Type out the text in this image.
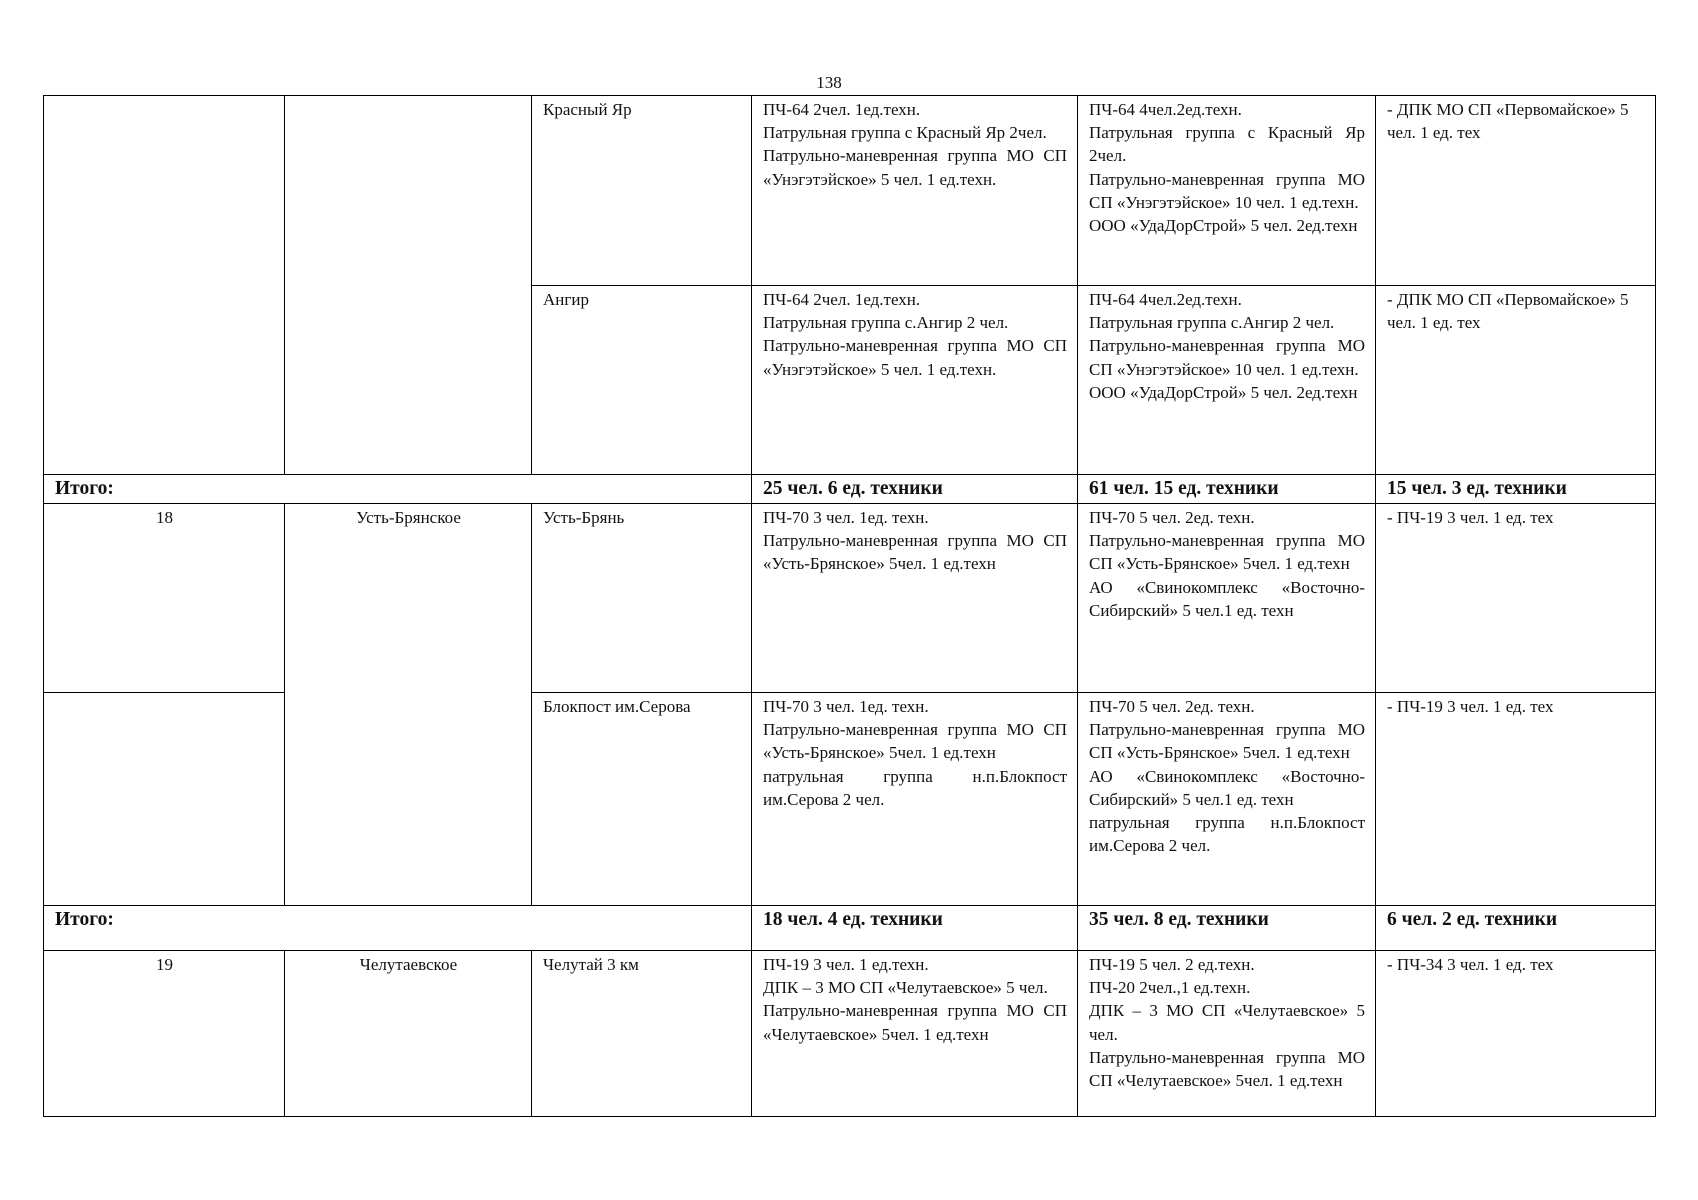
138
		Красный Яр	ПЧ-64 2чел. 1ед.техн.
Патрульная группа с Красный Яр 2чел.
Патрульно-маневренная группа МО СП «Унэгэтэйское» 5 чел. 1 ед.техн.	ПЧ-64 4чел.2ед.техн.
Патрульная группа с Красный Яр 2чел.
Патрульно-маневренная группа МО СП «Унэгэтэйское» 10 чел. 1 ед.техн.
ООО «УдаДорСтрой» 5 чел. 2ед.техн	- ДПК МО СП «Первомайское» 5 чел. 1 ед. тех

		Ангир	ПЧ-64 2чел. 1ед.техн.
Патрульная группа с.Ангир 2 чел.
Патрульно-маневренная группа МО СП «Унэгэтэйское» 5 чел. 1 ед.техн.	ПЧ-64 4чел.2ед.техн.
Патрульная группа с.Ангир 2 чел.
Патрульно-маневренная группа МО СП «Унэгэтэйское» 10 чел. 1 ед.техн.
ООО «УдаДорСтрой» 5 чел. 2ед.техн	- ДПК МО СП «Первомайское» 5 чел. 1 ед. тех

Итого:			25 чел. 6 ед. техники	61 чел. 15 ед. техники	15 чел. 3 ед. техники
18	Усть-Брянское	Усть-Брянь	ПЧ-70 3 чел. 1ед. техн.
Патрульно-маневренная группа МО СП «Усть-Брянское» 5чел. 1 ед.техн	ПЧ-70 5 чел. 2ед. техн.
Патрульно-маневренная группа МО СП «Усть-Брянское» 5чел. 1 ед.техн
АО «Свинокомплекс «Восточно-Сибирский» 5 чел.1 ед. техн	- ПЧ-19 3 чел. 1 ед. тех

		Блокпост им.Серова	ПЧ-70 3 чел. 1ед. техн.
Патрульно-маневренная группа МО СП «Усть-Брянское» 5чел. 1 ед.техн
патрульная группа н.п.Блокпост им.Серова 2 чел.	ПЧ-70 5 чел. 2ед. техн.
Патрульно-маневренная группа МО СП «Усть-Брянское» 5чел. 1 ед.техн
АО «Свинокомплекс «Восточно-Сибирский» 5 чел.1 ед. техн
патрульная группа н.п.Блокпост им.Серова 2 чел.	- ПЧ-19 3 чел. 1 ед. тех

Итого:			18 чел. 4 ед. техники	35 чел. 8 ед. техники	6 чел. 2 ед. техники
19	Челутаевское	Челутай 3 км	ПЧ-19 3 чел. 1 ед.техн.
ДПК – 3 МО СП «Челутаевское» 5 чел.
Патрульно-маневренная группа МО СП «Челутаевское» 5чел. 1 ед.техн	ПЧ-19 5 чел. 2 ед.техн.
ПЧ-20 2чел.,1 ед.техн.
ДПК – 3 МО СП «Челутаевское» 5 чел.
Патрульно-маневренная группа МО СП «Челутаевское» 5чел. 1 ед.техн	- ПЧ-34 3 чел. 1 ед. тех
